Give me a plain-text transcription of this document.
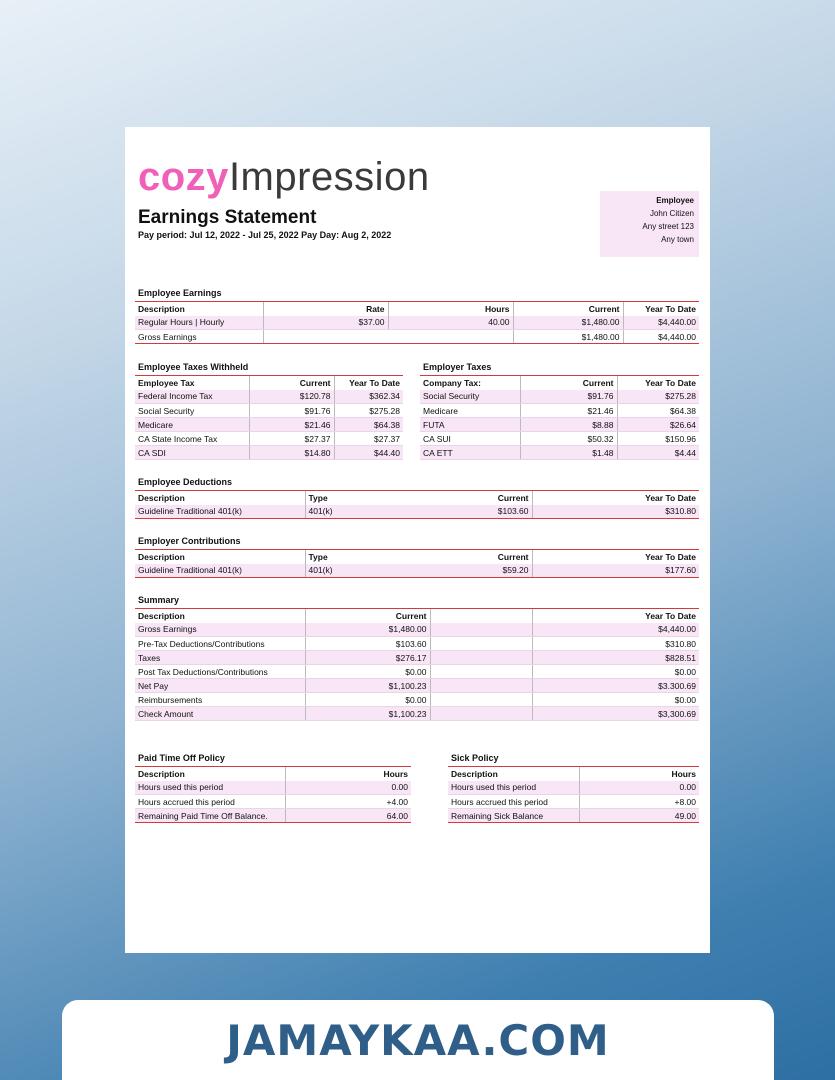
cozyImpression
Earnings Statement
Pay period: Jul 12, 2022 - Jul 25, 2022 Pay Day: Aug 2, 2022
Employee
John Citizen
Any street 123
Any town
Employee Earnings
Description	Rate	Hours	Current	Year To Date
Regular Hours | Hourly	$37.00	40.00	$1,480.00	$4,440.00
Gross Earnings			$1,480.00	$4,440.00
Employee Taxes Withheld
Employee Tax	Current	Year To Date
Federal Income Tax	$120.78	$362.34
Social Security	$91.76	$275.28
Medicare	$21.46	$64.38
CA State Income Tax	$27.37	$27.37
CA SDI	$14.80	$44.40
Employer Taxes
Company Tax:	Current	Year To Date
Social Security	$91.76	$275.28
Medicare	$21.46	$64.38
FUTA	$8.88	$26.64
CA SUI	$50.32	$150.96
CA ETT	$1.48	$4.44
Employee Deductions
Description	Type	Current	Year To Date
Guideline Traditional 401(k)	401(k)	$103.60	$310.80
Employer Contributions
Description	Type	Current	Year To Date
Guideline Traditional 401(k)	401(k)	$59.20	$177.60
Summary
Description	Current		Year To Date
Gross Earnings	$1,480.00		$4,440.00
Pre-Tax Deductions/Contributions	$103.60		$310.80
Taxes	$276.17		$828.51
Post Tax Deductions/Contributions	$0.00		$0.00
Net Pay	$1,100.23		$3.300.69
Reimbursements	$0.00		$0.00
Check Amount	$1,100.23		$3,300.69
Paid Time Off Policy
Description	Hours
Hours used this period	0.00
Hours accrued this period	+4.00
Remaining Paid Time Off Balance.	64.00
Sick Policy
Description	Hours
Hours used this period	0.00
Hours accrued this period	+8.00
Remaining Sick Balance	49.00
JAMAYKAA.COM
